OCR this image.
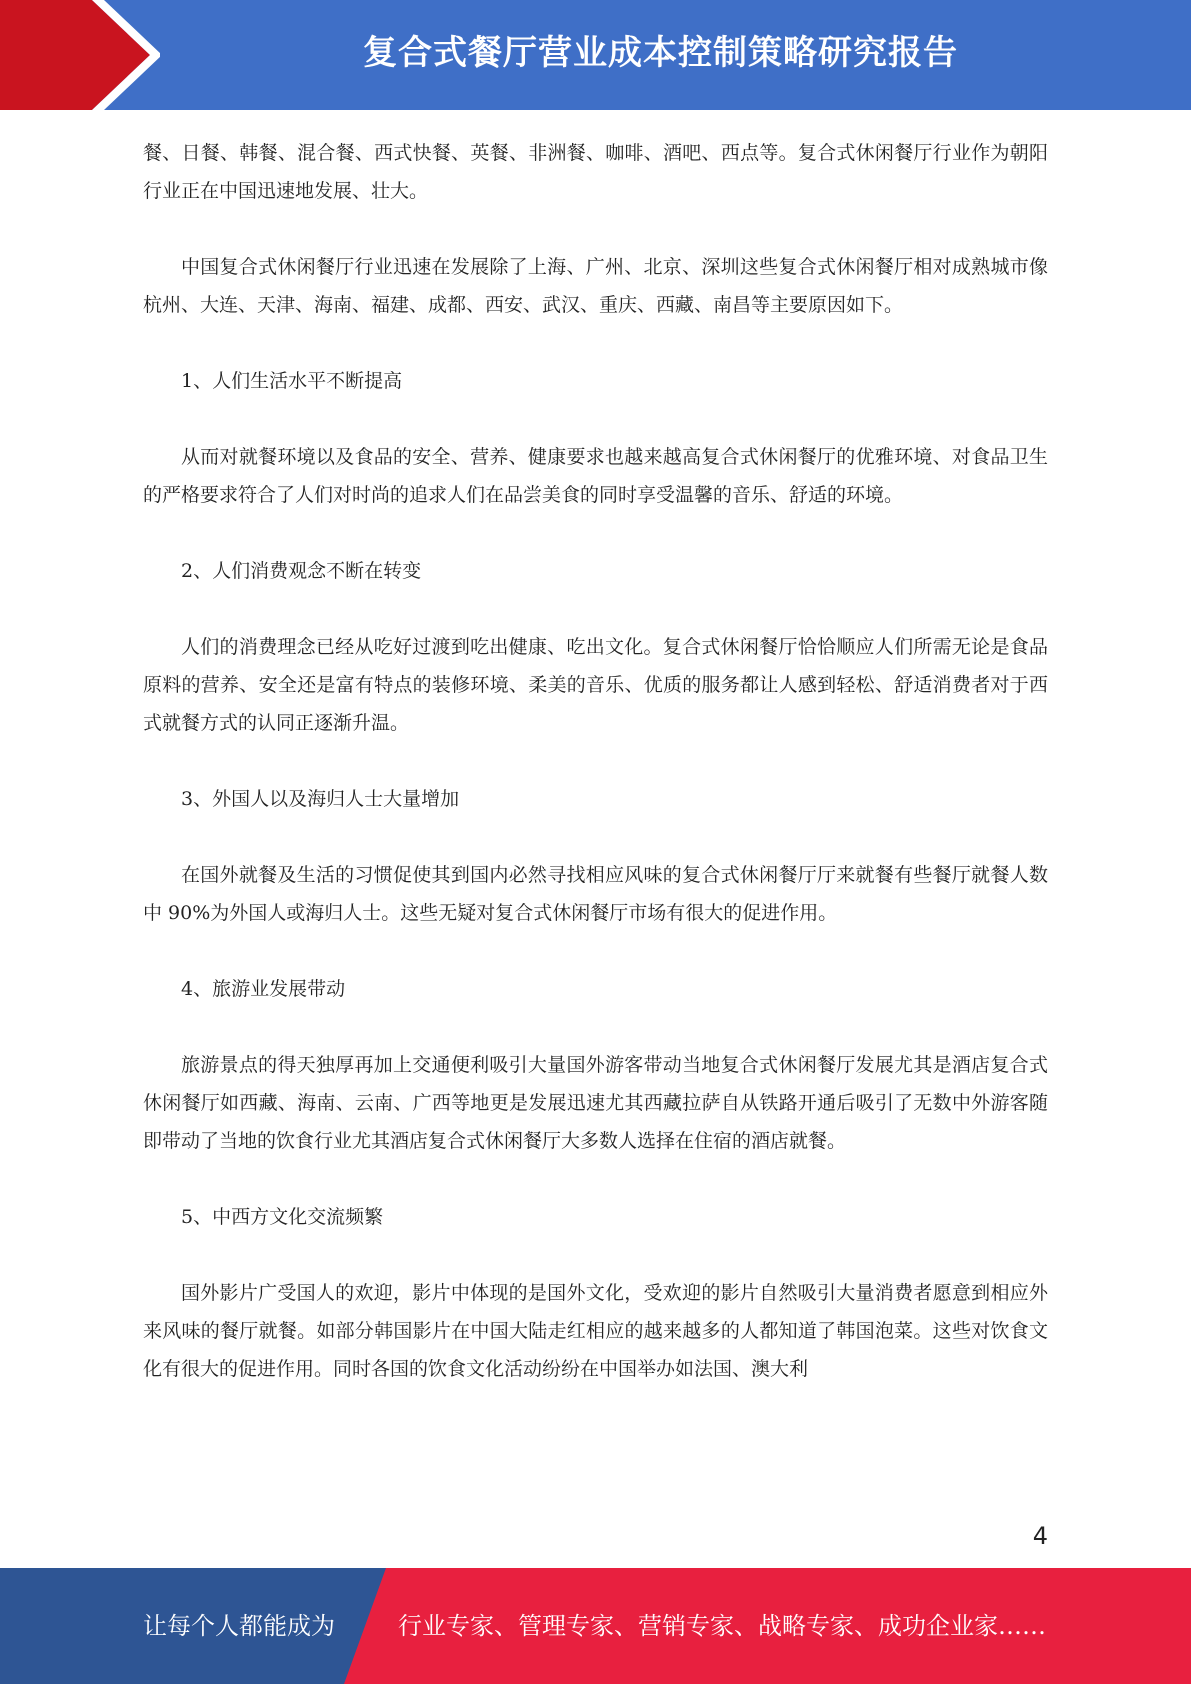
复合式餐厅营业成本控制策略研究报告

餐、日餐、韩餐、混合餐、西式快餐、英餐、非洲餐、咖啡、酒吧、西点等。复合式休闲餐厅行业作为朝阳行业正在中国迅速地发展、壮大。

中国复合式休闲餐厅行业迅速在发展除了上海、广州、北京、深圳这些复合式休闲餐厅相对成熟城市像杭州、大连、天津、海南、福建、成都、西安、武汉、重庆、西藏、南昌等主要原因如下。

1、人们生活水平不断提高

从而对就餐环境以及食品的安全、营养、健康要求也越来越高复合式休闲餐厅的优雅环境、对食品卫生的严格要求符合了人们对时尚的追求人们在品尝美食的同时享受温馨的音乐、舒适的环境。

2、人们消费观念不断在转变

人们的消费理念已经从吃好过渡到吃出健康、吃出文化。复合式休闲餐厅恰恰顺应人们所需无论是食品原料的营养、安全还是富有特点的装修环境、柔美的音乐、优质的服务都让人感到轻松、舒适消费者对于西式就餐方式的认同正逐渐升温。

3、外国人以及海归人士大量增加

在国外就餐及生活的习惯促使其到国内必然寻找相应风味的复合式休闲餐厅厅来就餐有些餐厅就餐人数中 90%为外国人或海归人士。这些无疑对复合式休闲餐厅市场有很大的促进作用。

4、旅游业发展带动

旅游景点的得天独厚再加上交通便利吸引大量国外游客带动当地复合式休闲餐厅发展尤其是酒店复合式休闲餐厅如西藏、海南、云南、广西等地更是发展迅速尤其西藏拉萨自从铁路开通后吸引了无数中外游客随即带动了当地的饮食行业尤其酒店复合式休闲餐厅大多数人选择在住宿的酒店就餐。

5、中西方文化交流频繁

国外影片广受国人的欢迎，影片中体现的是国外文化，受欢迎的影片自然吸引大量消费者愿意到相应外来风味的餐厅就餐。如部分韩国影片在中国大陆走红相应的越来越多的人都知道了韩国泡菜。这些对饮食文化有很大的促进作用。同时各国的饮食文化活动纷纷在中国举办如法国、澳大利

4
让每个人都能成为	行业专家、管理专家、营销专家、战略专家、成功企业家……
